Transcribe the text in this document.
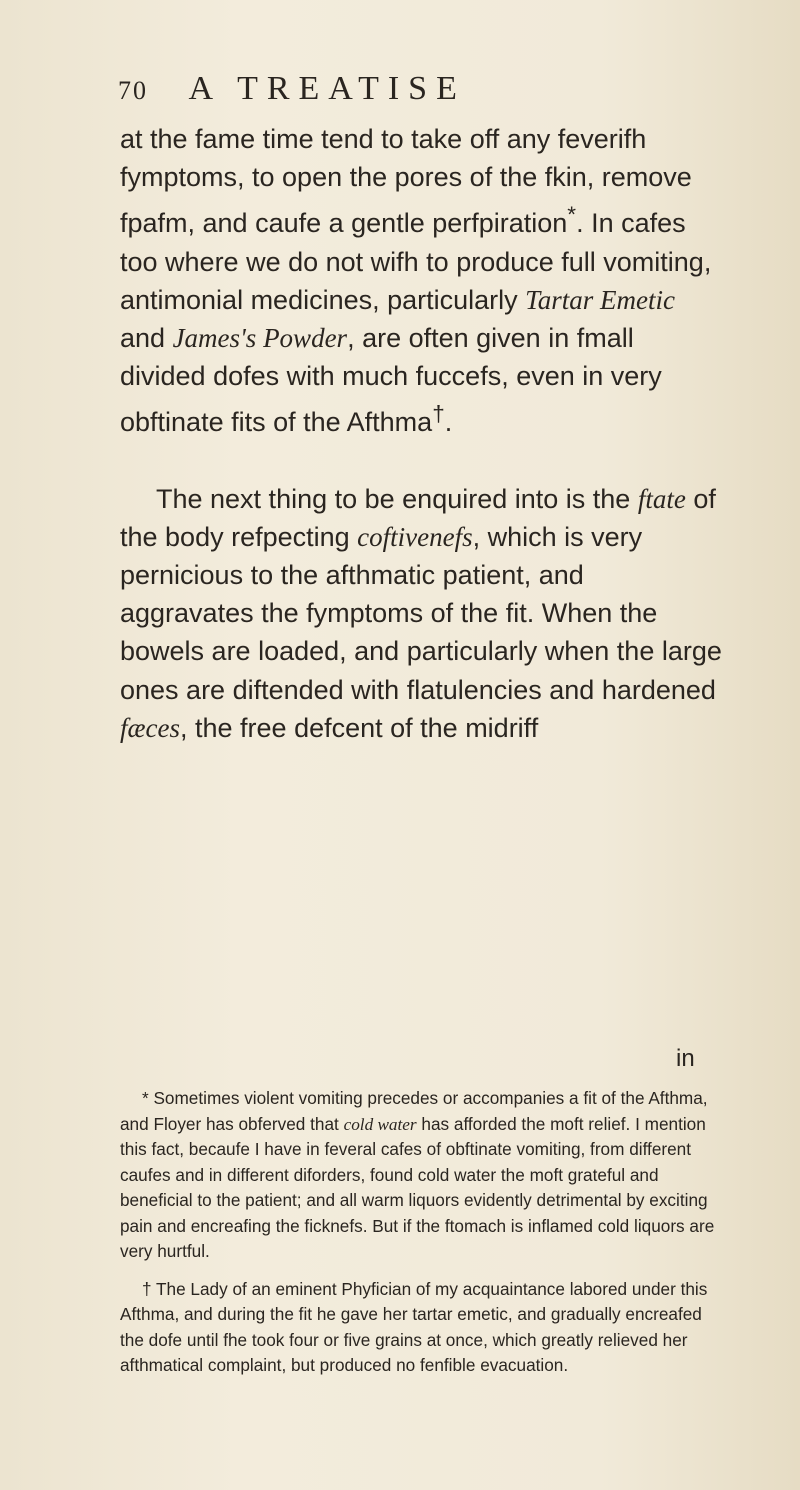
70 A TREATISE

at the fame time tend to take off any feverifh fymptoms, to open the pores of the fkin, remove fpafm, and caufe a gentle perfpiration*. In cafes too where we do not wifh to produce full vomiting, antimonial medicines, particularly Tartar Emetic and James's Powder, are often given in fmall divided dofes with much fuccefs, even in very obftinate fits of the Afthma†.

The next thing to be enquired into is the ftate of the body refpecting coftivenefs, which is very pernicious to the afthmatic patient, and aggravates the fymptoms of the fit. When the bowels are loaded, and particularly when the large ones are diftended with flatulencies and hardened fæces, the free defcent of the midriff

in

* Sometimes violent vomiting precedes or accompanies a fit of the Afthma, and Floyer has obferved that cold water has afforded the moft relief. I mention this fact, becaufe I have in feveral cafes of obftinate vomiting, from different caufes and in different diforders, found cold water the moft grateful and beneficial to the patient; and all warm liquors evidently detrimental by exciting pain and encreafing the ficknefs. But if the ftomach is inflamed cold liquors are very hurtful.

† The Lady of an eminent Phyfician of my acquaintance labored under this Afthma, and during the fit he gave her tartar emetic, and gradually encreafed the dofe until fhe took four or five grains at once, which greatly relieved her afthmatical complaint, but produced no fenfible evacuation.
